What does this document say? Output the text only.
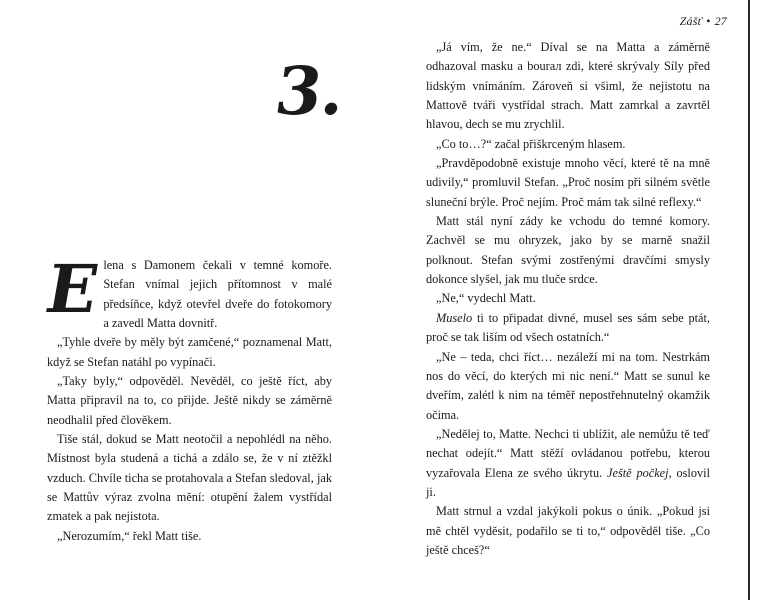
Zášť • 27
3.

Elena s Damonem čekali v temné komoře. Stefan vnímal jejich přítomnost v malé předsíňce, když otevřel dveře do fotokomory a zavedl Matta dovnitř.

„Tyhle dveře by měly být zamčené,“ poznamenal Matt, když se Stefan natáhl po vypínači.

„Taky byly,“ odpověděl. Nevěděl, co ještě říct, aby Matta připravil na to, co přijde. Ještě nikdy se záměrně neodhalil před člověkem.

Tiše stál, dokud se Matt neotočil a nepohlédl na něho. Místnost byla studená a tichá a zdálo se, že v ní ztěžkl vzduch. Chvíle ticha se protahovala a Stefan sledoval, jak se Mattův výraz zvolna mění: otupění žalem vystřídal zmatek a pak nejistota.

„Nerozumím,“ řekl Matt tiše.

„Já vím, že ne.“ Díval se na Matta a záměrně odhazoval masku a bourал zdi, které skrývaly Síly před lidským vnímáním. Zároveň si všiml, že nejistotu na Mattově tváři vystřídal strach. Matt zamrkal a zavrtěl hlavou, dech se mu zrychlil.

„Co to…?“ začal přiškrceným hlasem.

„Pravděpodobně existuje mnoho věcí, které tě na mně udivily,“ promluvil Stefan. „Proč nosím při silném světle sluneční brýle. Proč nejím. Proč mám tak silné reflexy.“

Matt stál nyní zády ke vchodu do temné komory. Zachvěl se mu ohryzek, jako by se marně snažil polknout. Stefan svými zostřenými dravčími smysly dokonce slyšel, jak mu tluče srdce.

„Ne,“ vydechl Matt.

Muselo ti to připadat divné, musel ses sám sebe ptát, proč se tak liším od všech ostatních.“

„Ne – teda, chci říct… nezáleží mi na tom. Nestrkám nos do věcí, do kterých mi nic není.“ Matt se sunul ke dveřím, zalétl k nim na téměř nepostřehnutelný okamžik očima.

„Nedělej to, Matte. Nechci ti ublížit, ale nemůžu tě teď nechat odejít.“ Matt stěží ovládanou potřebu, kterou vyzařovala Elena ze svého úkrytu. Ještě počkej, oslovil ji.

Matt strnul a vzdal jakýkoli pokus o únik. „Pokud jsi mě chtěl vyděsit, podařilo se ti to,“ odpověděl tiše. „Co ještě chceš?“
